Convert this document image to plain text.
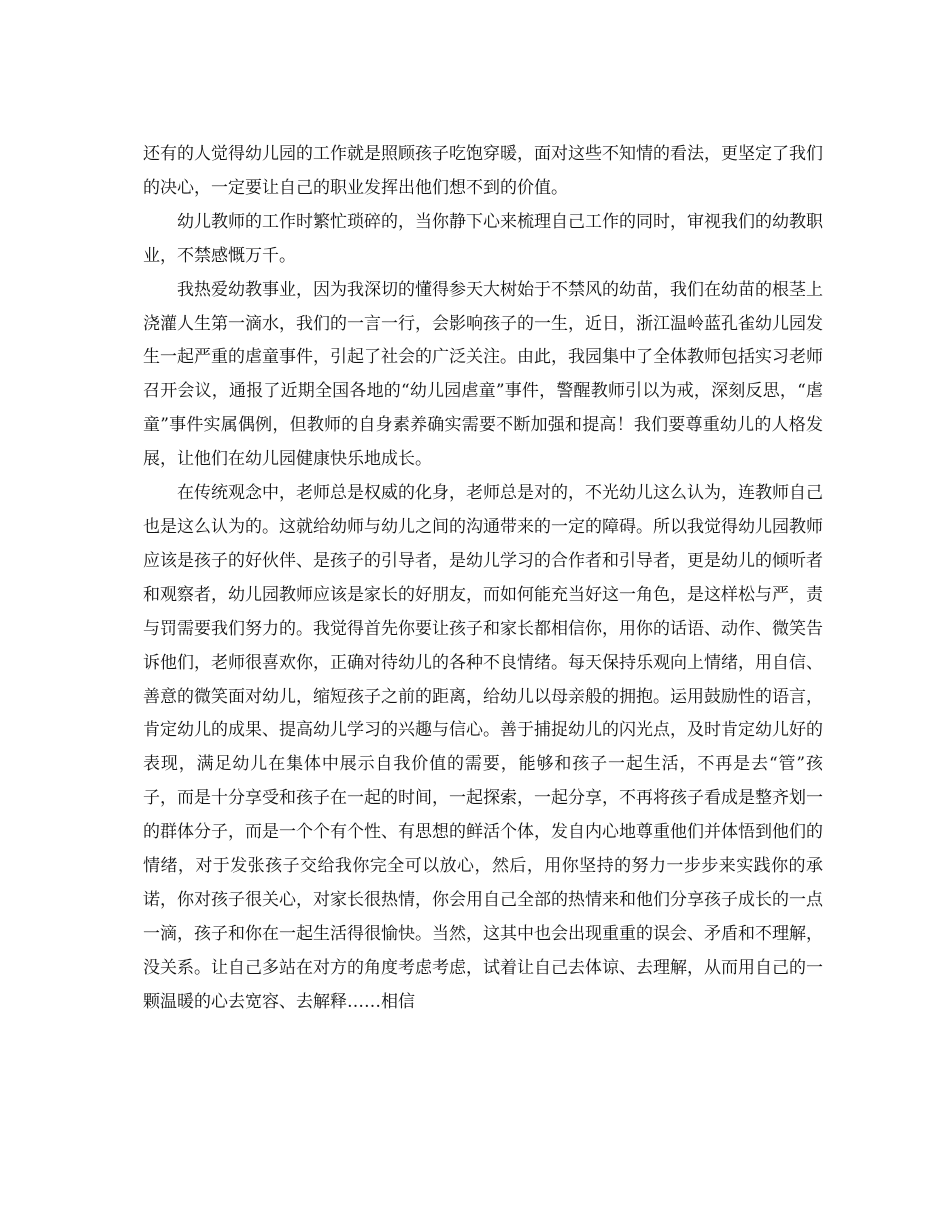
还有的人觉得幼儿园的工作就是照顾孩子吃饱穿暖，面对这些不知情的看法，更坚定了我们的决心，一定要让自己的职业发挥出他们想不到的价值。

幼儿教师的工作时繁忙琐碎的，当你静下心来梳理自己工作的同时，审视我们的幼教职业，不禁感慨万千。

我热爱幼教事业，因为我深切的懂得参天大树始于不禁风的幼苗，我们在幼苗的根茎上浇灌人生第一滴水，我们的一言一行，会影响孩子的一生，近日，浙江温岭蓝孔雀幼儿园发生一起严重的虐童事件，引起了社会的广泛关注。由此，我园集中了全体教师包括实习老师召开会议，通报了近期全国各地的“幼儿园虐童”事件，警醒教师引以为戒，深刻反思，“虐童”事件实属偶例，但教师的自身素养确实需要不断加强和提高！我们要尊重幼儿的人格发展，让他们在幼儿园健康快乐地成长。

在传统观念中，老师总是权威的化身，老师总是对的，不光幼儿这么认为，连教师自己也是这么认为的。这就给幼师与幼儿之间的沟通带来的一定的障碍。所以我觉得幼儿园教师应该是孩子的好伙伴、是孩子的引导者，是幼儿学习的合作者和引导者，更是幼儿的倾听者和观察者，幼儿园教师应该是家长的好朋友，而如何能充当好这一角色，是这样松与严，责与罚需要我们努力的。我觉得首先你要让孩子和家长都相信你，用你的话语、动作、微笑告诉他们，老师很喜欢你，正确对待幼儿的各种不良情绪。每天保持乐观向上情绪，用自信、善意的微笑面对幼儿，缩短孩子之前的距离，给幼儿以母亲般的拥抱。运用鼓励性的语言，肯定幼儿的成果、提高幼儿学习的兴趣与信心。善于捕捉幼儿的闪光点，及时肯定幼儿好的表现，满足幼儿在集体中展示自我价值的需要，能够和孩子一起生活，不再是去“管”孩子，而是十分享受和孩子在一起的时间，一起探索，一起分享，不再将孩子看成是整齐划一的群体分子，而是一个个有个性、有思想的鲜活个体，发自内心地尊重他们并体悟到他们的情绪，对于发张孩子交给我你完全可以放心，然后，用你坚持的努力一步步来实践你的承诺，你对孩子很关心，对家长很热情，你会用自己全部的热情来和他们分享孩子成长的一点一滴，孩子和你在一起生活得很愉快。当然，这其中也会出现重重的误会、矛盾和不理解，没关系。让自己多站在对方的角度考虑考虑，试着让自己去体谅、去理解，从而用自己的一颗温暖的心去宽容、去解释……相信
